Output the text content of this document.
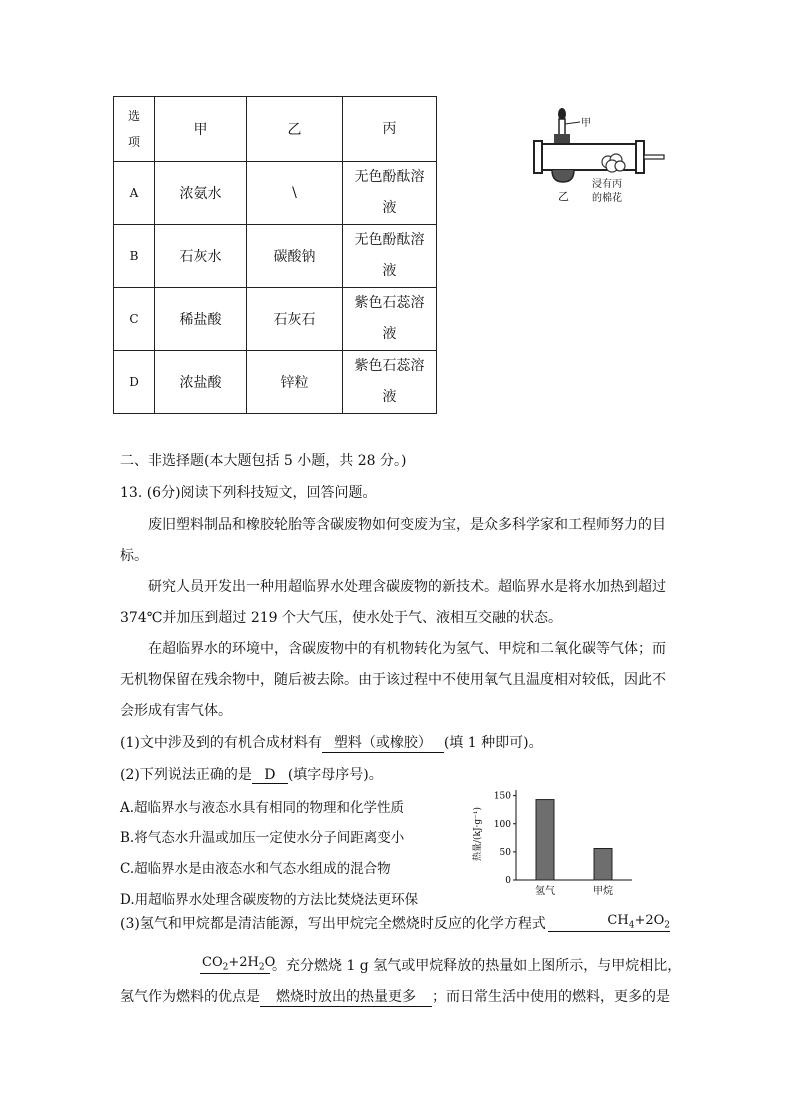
选
项	甲	乙	丙
A	浓氨水	\	无色酚酞溶
液

B	石灰水	碳酸钠	无色酚酞溶
液

C	稀盐酸	石灰石	紫色石蕊溶
液

D	浓盐酸	锌粒	紫色石蕊溶
液
甲
乙
浸有丙
的棉花
二、非选择题(本大题包括 5 小题，共 28 分。)
13. (6分)阅读下列科技短文，回答问题。
废旧塑料制品和橡胶轮胎等含碳废物如何变废为宝，是众多科学家和工程师努力的目
标。
研究人员开发出一种用超临界水处理含碳废物的新技术。超临界水是将水加热到超过
374℃并加压到超过 219 个大气压，使水处于气、液相互交融的状态。
在超临界水的环境中，含碳废物中的有机物转化为氢气、甲烷和二氧化碳等气体；而
无机物保留在残余物中，随后被去除。由于该过程中不使用氧气且温度相对较低，因此不
会形成有害气体。
(1)文中涉及到的有机合成材料有 塑料（或橡胶） (填 1 种即可)。
(2)下列说法正确的是 D (填字母序号)。
A.超临界水与液态水具有相同的物理和化学性质
B.将气态水升温或加压一定使水分子间距离变小
C.超临界水是由液态水和气态水组成的混合物
D.用超临界水处理含碳废物的方法比焚烧法更环保
热量/(kJ·g⁻¹)
0
50
100
150
氢气	甲烷
(3)氢气和甲烷都是清洁能源，写出甲烷完全燃烧时反应的化学方程式	$CH_4+2O_2$
$CO_2+2H_2O$
。充分燃烧 1 g 氢气或甲烷释放的热量如上图所示，与甲烷相比，
氢气作为燃料的优点是 燃烧时放出的热量更多 ；而日常生活中使用的燃料，更多的是
